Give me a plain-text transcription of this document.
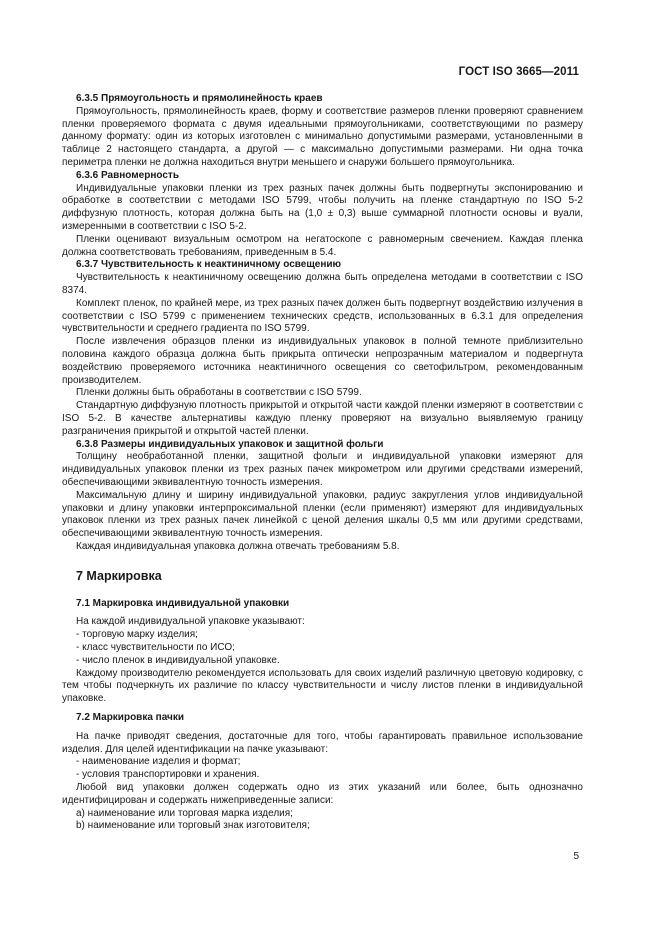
ГОСТ ISO 3665—2011

6.3.5 Прямоугольность и прямолинейность краев

Прямоугольность, прямолинейность краев, форму и соответствие размеров пленки проверяют сравнением пленки проверяемого формата с двумя идеальными прямоугольниками, соответствующими по размеру данному формату: один из которых изготовлен с минимально допустимыми размерами, установленными в таблице 2 настоящего стандарта, а другой — с максимально допустимыми размерами. Ни одна точка периметра пленки не должна находиться внутри меньшего и снаружи большего прямоугольника.

6.3.6 Равномерность

Индивидуальные упаковки пленки из трех разных пачек должны быть подвергнуты экспонированию и обработке в соответствии с методами ISO 5799, чтобы получить на пленке стандартную по ISO 5-2 диффузную плотность, которая должна быть на (1,0 ± 0,3) выше суммарной плотности основы и вуали, измеренными в соответствии с ISO 5-2.

Пленки оценивают визуальным осмотром на негатоскопе с равномерным свечением. Каждая пленка должна соответствовать требованиям, приведенным в 5.4.

6.3.7 Чувствительность к неактиничному освещению

Чувствительность к неактиничному освещению должна быть определена методами в соответствии с ISO 8374.

Комплект пленок, по крайней мере, из трех разных пачек должен быть подвергнут воздействию излучения в соответствии с ISO 5799 с применением технических средств, использованных в 6.3.1 для определения чувствительности и среднего градиента по ISO 5799.

После извлечения образцов пленки из индивидуальных упаковок в полной темноте приблизительно половина каждого образца должна быть прикрыта оптически непрозрачным материалом и подвергнута воздействию проверяемого источника неактиничного освещения со светофильтром, рекомендованным производителем.

Пленки должны быть обработаны в соответствии с ISO 5799.

Стандартную диффузную плотность прикрытой и открытой части каждой пленки измеряют в соответствии с ISO 5-2. В качестве альтернативы каждую пленку проверяют на визуально выявляемую границу разграничения прикрытой и открытой частей пленки.

6.3.8 Размеры индивидуальных упаковок и защитной фольги

Толщину необработанной пленки, защитной фольги и индивидуальной упаковки измеряют для индивидуальных упаковок пленки из трех разных пачек микрометром или другими средствами измерений, обеспечивающими эквивалентную точность измерения.

Максимальную длину и ширину индивидуальной упаковки, радиус закругления углов индивидуальной упаковки и длину упаковки интерпроксимальной пленки (если применяют) измеряют для индивидуальных упаковок пленки из трех разных пачек линейкой с ценой деления шкалы 0,5 мм или другими средствами, обеспечивающими эквивалентную точность измерения.

Каждая индивидуальная упаковка должна отвечать требованиям 5.8.

7 Маркировка

7.1 Маркировка индивидуальной упаковки

На каждой индивидуальной упаковке указывают:

- торговую марку изделия;

- класс чувствительности по ИСО;

- число пленок в индивидуальной упаковке.

Каждому производителю рекомендуется использовать для своих изделий различную цветовую кодировку, с тем чтобы подчеркнуть их различие по классу чувствительности и числу листов пленки в индивидуальной упаковке.

7.2 Маркировка пачки

На пачке приводят сведения, достаточные для того, чтобы гарантировать правильное использование изделия. Для целей идентификации на пачке указывают:

- наименование изделия и формат;

- условия транспортировки и хранения.

Любой вид упаковки должен содержать одно из этих указаний или более, быть однозначно идентифицирован и содержать нижеприведенные записи:

a) наименование или торговая марка изделия;

b) наименование или торговый знак изготовителя;

5
